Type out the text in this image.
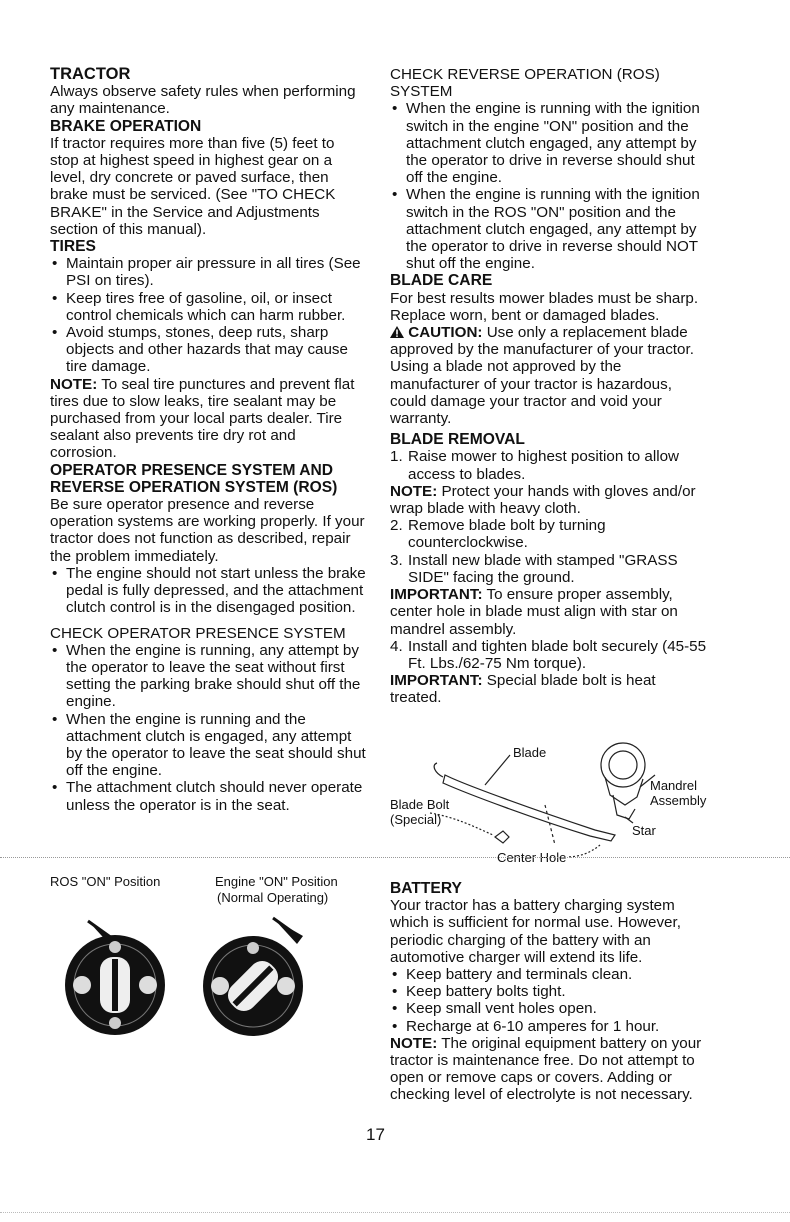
TRACTOR

Always observe safety rules when performing any maintenance.

BRAKE OPERATION

If tractor requires more than five (5) feet to stop at highest speed in highest gear on a level, dry concrete or paved surface, then brake must be serviced. (See "TO CHECK BRAKE" in the Service and Adjustments section of this manual).

TIRES
• Maintain proper air pressure in all tires (See PSI on tires).
• Keep tires free of gasoline, oil, or insect control chemicals which can harm rubber.
• Avoid stumps, stones, deep ruts, sharp objects and other hazards that may cause tire damage.

NOTE: To seal tire punctures and prevent flat tires due to slow leaks, tire sealant may be purchased from your local parts dealer. Tire sealant also prevents tire dry rot and corrosion.

OPERATOR PRESENCE SYSTEM AND REVERSE OPERATION SYSTEM (ROS)

Be sure operator presence and reverse operation systems are working properly. If your tractor does not function as described, repair the problem immediately.

• The engine should not start unless the brake pedal is fully depressed, and the attachment clutch control is in the disengaged position.
CHECK OPERATOR PRESENCE SYSTEM
• When the engine is running, any attempt by the operator to leave the seat without first setting the parking brake should shut off the engine.
• When the engine is running and the attachment clutch is engaged, any attempt by the operator to leave the seat should shut off the engine.
• The attachment clutch should never operate unless the operator is in the seat.
CHECK REVERSE OPERATION (ROS) SYSTEM
• When the engine is running with the ignition switch in the engine "ON" position and the attachment clutch engaged, any attempt by the operator to drive in reverse should shut off the engine.
• When the engine is running with the ignition switch in the ROS "ON" position and the attachment clutch engaged, any attempt by the operator to drive in reverse should NOT shut off the engine.
BLADE CARE

For best results mower blades must be sharp. Replace worn, bent or damaged blades.

CAUTION: Use only a replacement blade approved by the manufacturer of your tractor. Using a blade not approved by the manufacturer of your tractor is hazardous, could damage your tractor and void your warranty.

BLADE REMOVAL
1. Raise mower to highest position to allow access to blades.

NOTE: Protect your hands with gloves and/or wrap blade with heavy cloth.

2. Remove blade bolt by turning counterclockwise.
3. Install new blade with stamped "GRASS SIDE" facing the ground.

IMPORTANT: To ensure proper assembly, center hole in blade must align with star on mandrel assembly.

4. Install and tighten blade bolt securely (45-55 Ft. Lbs./62-75 Nm torque).

IMPORTANT: Special blade bolt is heat treated.

Blade
Mandrel
Assembly
Blade Bolt
(Special)
Star
Center Hole
ROS "ON" Position	Engine "ON" Position
(Normal Operating)
BATTERY

Your tractor has a battery charging system which is sufficient for normal use. However, periodic charging of the battery with an automotive charger will extend its life.

• Keep battery and terminals clean.
• Keep battery bolts tight.
• Keep small vent holes open.
• Recharge at 6-10 amperes for 1 hour.

NOTE: The original equipment battery on your tractor is maintenance free. Do not attempt to open or remove caps or covers. Adding or checking level of electrolyte is not necessary.

17
